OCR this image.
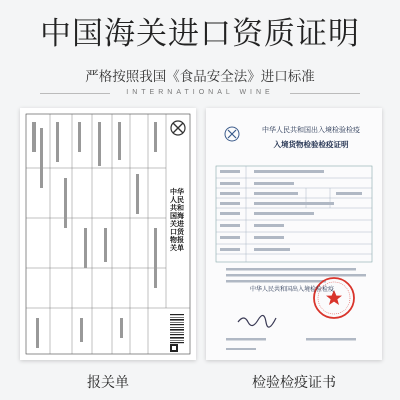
中国海关进口资质证明
严格按照我国《食品安全法》进口标准
INTERNATIONAL WINE
中华人民共和国海关进口货物报关单
中华人民共和国出入境检验检疫
入境货物检验检疫证明
中华人民共和国出入境检验检疫
报关单	检验检疫证书
